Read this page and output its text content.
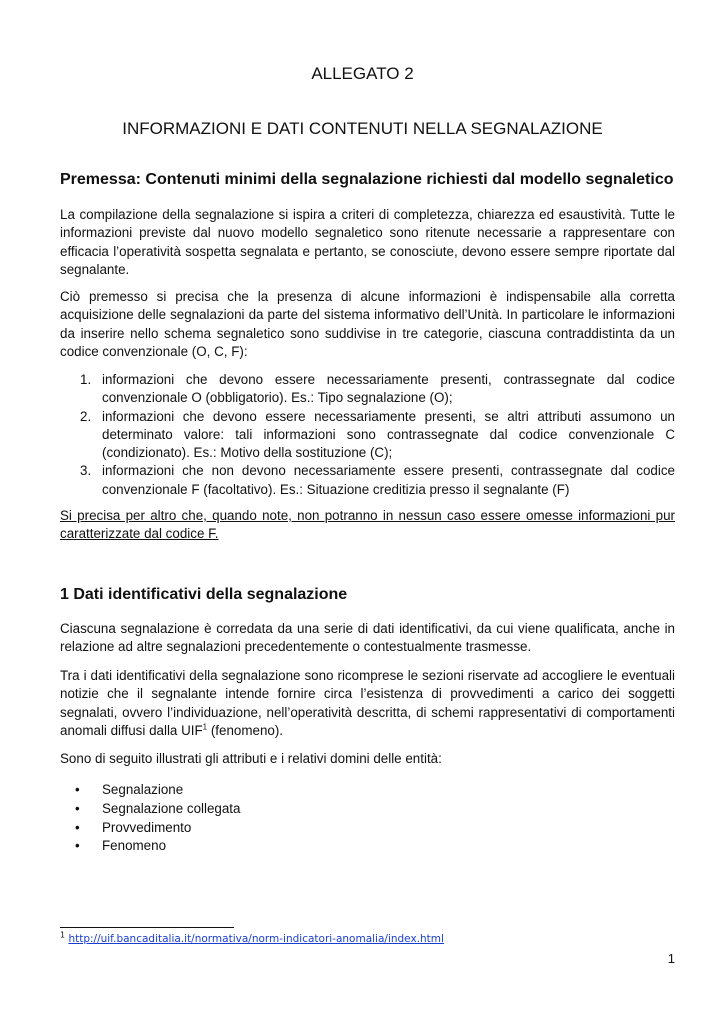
ALLEGATO 2
INFORMAZIONI E DATI CONTENUTI NELLA SEGNALAZIONE
Premessa: Contenuti minimi della segnalazione richiesti dal modello segnaletico

La compilazione della segnalazione si ispira a criteri di completezza, chiarezza ed esaustività. Tutte le informazioni previste dal nuovo modello segnaletico sono ritenute necessarie a rappresentare con efficacia l’operatività sospetta segnalata e pertanto, se conosciute, devono essere sempre riportate dal segnalante.

Ciò premesso si precisa che la presenza di alcune informazioni è indispensabile alla corretta acquisizione delle segnalazioni da parte del sistema informativo dell’Unità. In particolare le informazioni da inserire nello schema segnaletico sono suddivise in tre categorie, ciascuna contraddistinta da un codice convenzionale (O, C, F):

1. informazioni che devono essere necessariamente presenti, contrassegnate dal codice convenzionale O (obbligatorio). Es.: Tipo segnalazione (O);
2. informazioni che devono essere necessariamente presenti, se altri attributi assumono un determinato valore: tali informazioni sono contrassegnate dal codice convenzionale C (condizionato). Es.: Motivo della sostituzione (C);
3. informazioni che non devono necessariamente essere presenti, contrassegnate dal codice convenzionale F (facoltativo). Es.: Situazione creditizia presso il segnalante (F)

Si precisa per altro che, quando note, non potranno in nessun caso essere omesse informazioni pur caratterizzate dal codice F.

1 Dati identificativi della segnalazione

Ciascuna segnalazione è corredata da una serie di dati identificativi, da cui viene qualificata, anche in relazione ad altre segnalazioni precedentemente o contestualmente trasmesse.

Tra i dati identificativi della segnalazione sono ricomprese le sezioni riservate ad accogliere le eventuali notizie che il segnalante intende fornire circa l’esistenza di provvedimenti a carico dei soggetti segnalati, ovvero l’individuazione, nell’operatività descritta, di schemi rappresentativi di comportamenti anomali diffusi dalla UIF$^1$ (fenomeno).

Sono di seguito illustrati gli attributi e i relativi domini delle entità:

• Segnalazione
• Segnalazione collegata
• Provvedimento
• Fenomeno
$^1$ http://uif.bancaditalia.it/normativa/norm-indicatori-anomalia/index.html
1
